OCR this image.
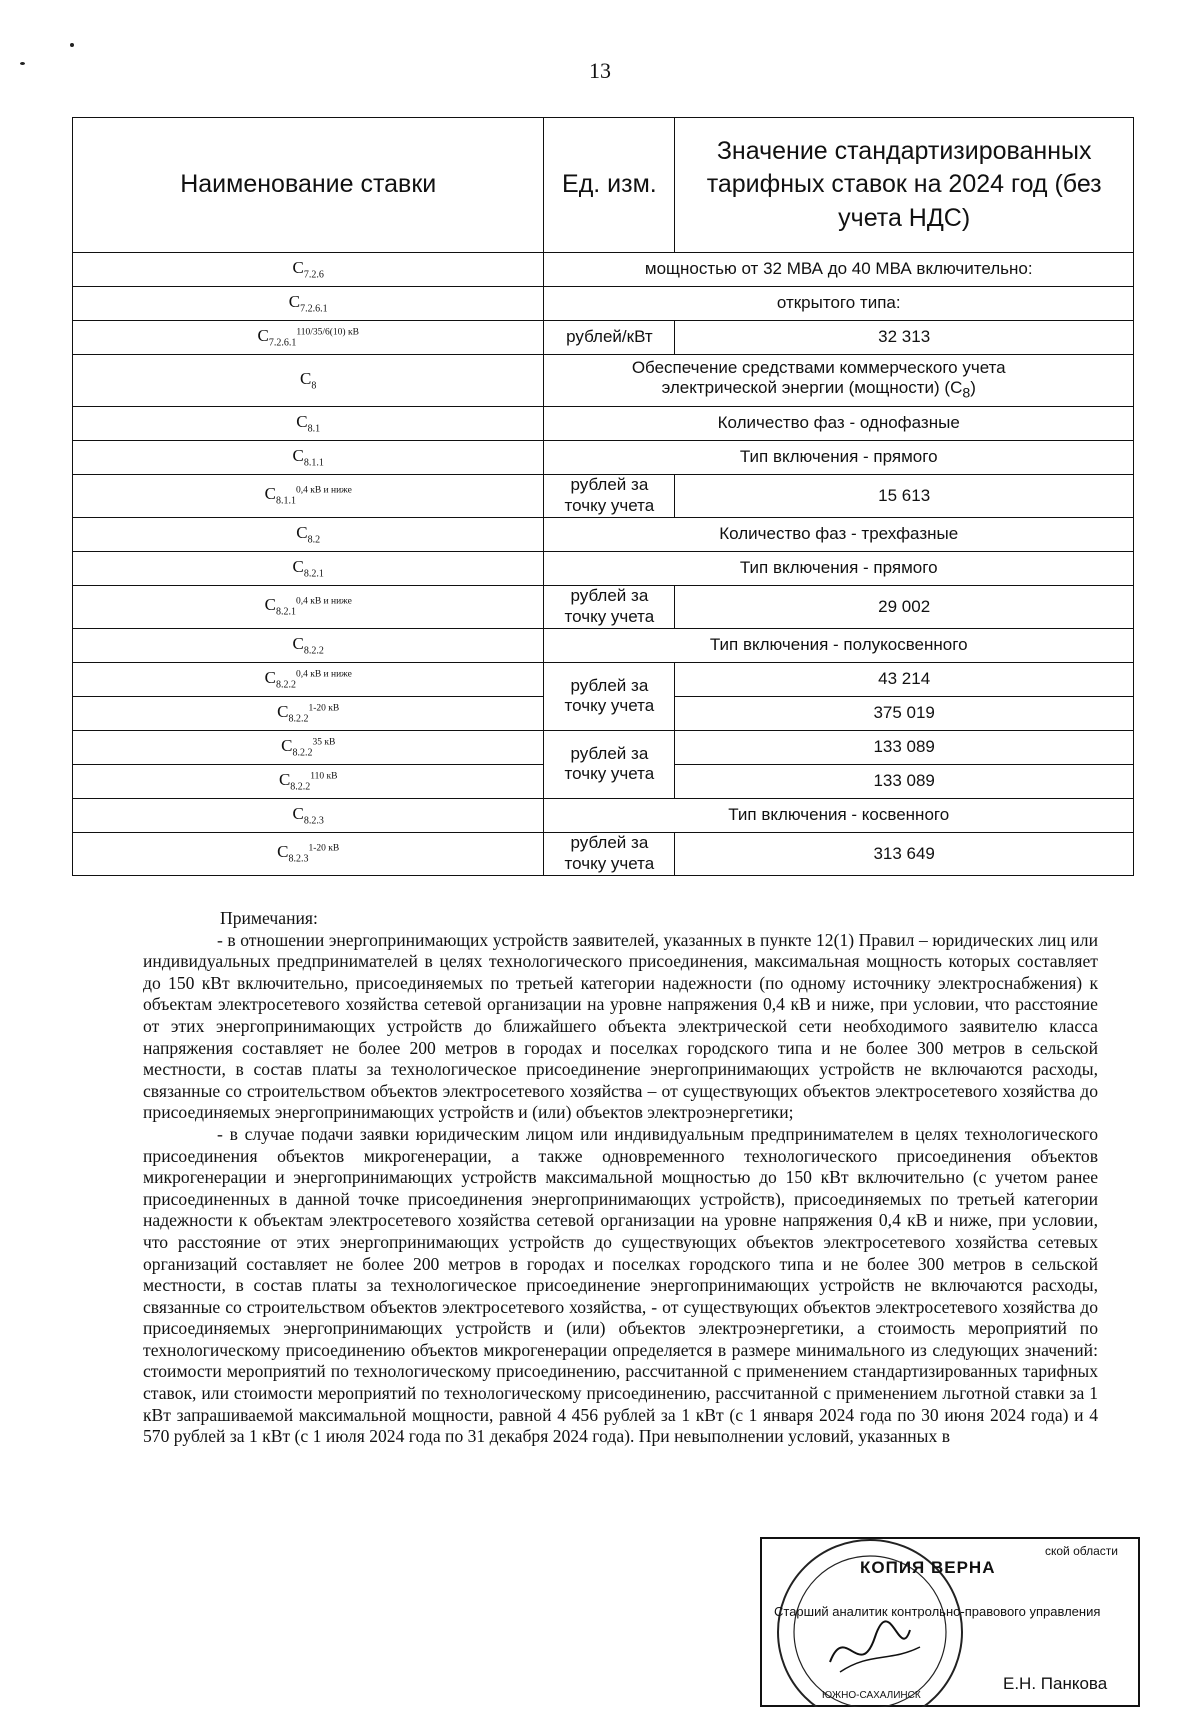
13
Наименование ставки	Ед. изм.	Значение стандартизированных тарифных ставок на 2024 год (без учета НДС)
$С_{7.2.6}$	мощностью от 32 МВА до 40 МВА включительно:	
$С_{7.2.6.1}$	открытого типа:	
$С_{7.2.6.1}^{110/35/6(10) кВ}$	рублей/кВт	32 313
$С_8$	Обеспечение средствами коммерческого учета электрической энергии (мощности) $(С_8)$	
$С_{8.1}$	Количество фаз - однофазные	
$С_{8.1.1}$	Тип включения - прямого	
$С_{8.1.1}^{0,4 кВ и ниже}$	рублей за точку учета	15 613
$С_{8.2}$	Количество фаз - трехфазные	
$С_{8.2.1}$	Тип включения - прямого	
$С_{8.2.1}^{0,4 кВ и ниже}$	рублей за точку учета	29 002
$С_{8.2.2}$	Тип включения - полукосвенного	
$С_{8.2.2}^{0,4 кВ и ниже}$	рублей за точку учета	43 214
$С_{8.2.2}^{1-20 кВ}$		375 019
$С_{8.2.2}^{35 кВ}$	рублей за точку учета	133 089
$С_{8.2.2}^{110 кВ}$		133 089
$С_{8.2.3}$	Тип включения - косвенного	
$С_{8.2.3}^{1-20 кВ}$	рублей за точку учета	313 649

Примечания:

- в отношении энергопринимающих устройств заявителей, указанных в пункте 12(1) Правил – юридических лиц или индивидуальных предпринимателей в целях технологического присоединения, максимальная мощность которых составляет до 150 кВт включительно, присоединяемых по третьей категории надежности (по одному источнику электроснабжения) к объектам электросетевого хозяйства сетевой организации на уровне напряжения 0,4 кВ и ниже, при условии, что расстояние от этих энергопринимающих устройств до ближайшего объекта электрической сети необходимого заявителю класса напряжения составляет не более 200 метров в городах и поселках городского типа и не более 300 метров в сельской местности, в состав платы за технологическое присоединение энергопринимающих устройств не включаются расходы, связанные со строительством объектов электросетевого хозяйства – от существующих объектов электросетевого хозяйства до присоединяемых энергопринимающих устройств и (или) объектов электроэнергетики;

- в случае подачи заявки юридическим лицом или индивидуальным предпринимателем в целях технологического присоединения объектов микрогенерации, а также одновременного технологического присоединения объектов микрогенерации и энергопринимающих устройств максимальной мощностью до 150 кВт включительно (с учетом ранее присоединенных в данной точке присоединения энергопринимающих устройств), присоединяемых по третьей категории надежности к объектам электросетевого хозяйства сетевой организации на уровне напряжения 0,4 кВ и ниже, при условии, что расстояние от этих энергопринимающих устройств до существующих объектов электросетевого хозяйства сетевых организаций составляет не более 200 метров в городах и поселках городского типа и не более 300 метров в сельской местности, в состав платы за технологическое присоединение энергопринимающих устройств не включаются расходы, связанные со строительством объектов электросетевого хозяйства, - от существующих объектов электросетевого хозяйства до присоединяемых энергопринимающих устройств и (или) объектов электроэнергетики, а стоимость мероприятий по технологическому присоединению объектов микрогенерации определяется в размере минимального из следующих значений: стоимости мероприятий по технологическому присоединению, рассчитанной с применением стандартизированных тарифных ставок, или стоимости мероприятий по технологическому присоединению, рассчитанной с применением льготной ставки за 1 кВт запрашиваемой максимальной мощности, равной 4 456 рублей за 1 кВт (с 1 января 2024 года по 30 июня 2024 года) и 4 570 рублей за 1 кВт (с 1 июля 2024 года по 31 декабря 2024 года). При невыполнении условий, указанных в

ской области
КОПИЯ ВЕРНА
Старший аналитик контрольно-правового управления
Е.Н. Панкова
ЮЖНО-САХАЛИНСК
